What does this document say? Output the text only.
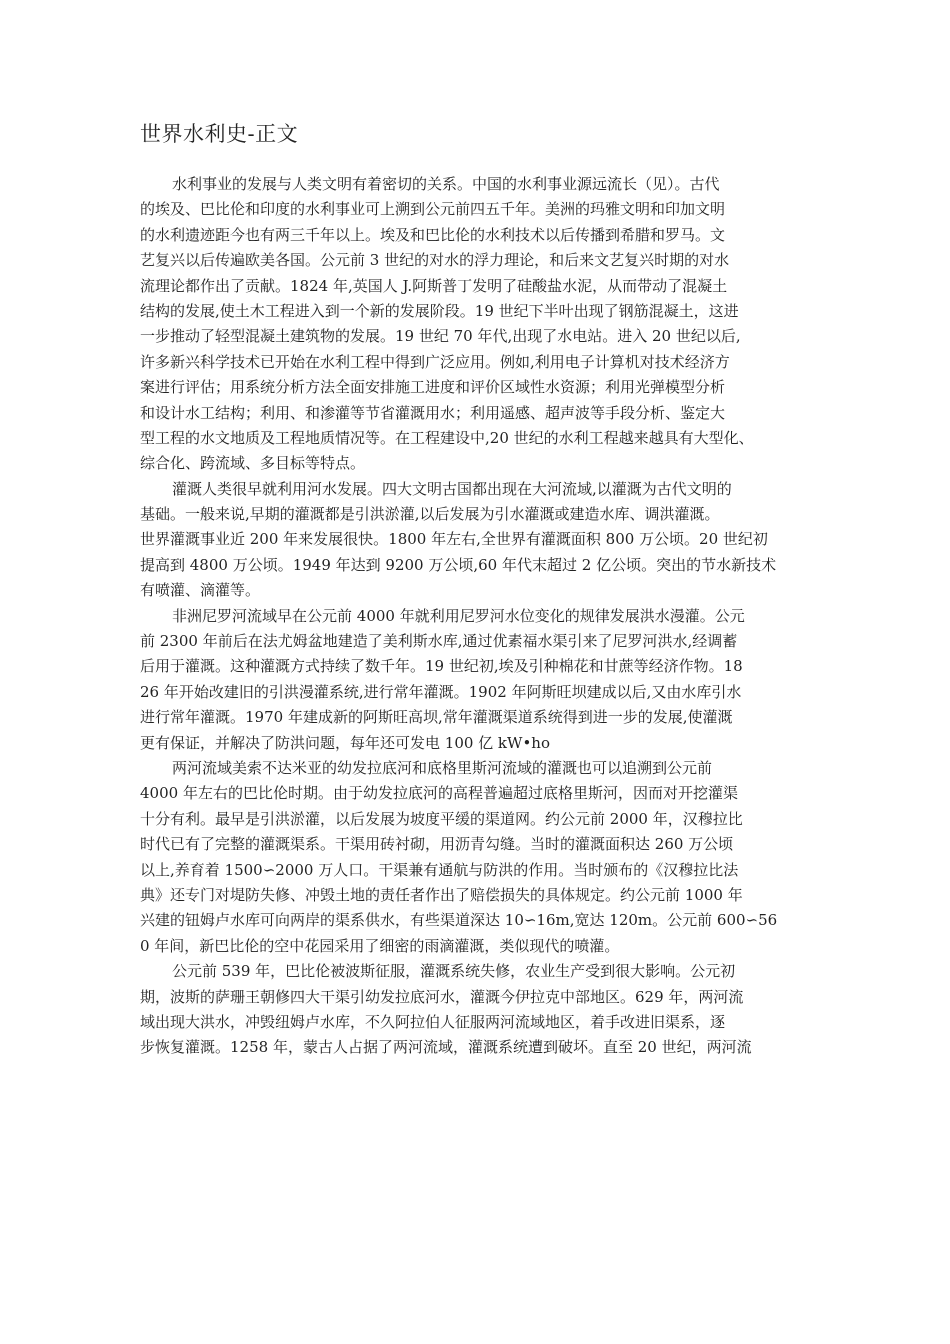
世界水利史-正文
水利事业的发展与人类文明有着密切的关系。中国的水利事业源远流长（见）。古代
的埃及、巴比伦和印度的水利事业可上溯到公元前四五千年。美洲的玛雅文明和印加文明
的水利遗迹距今也有两三千年以上。埃及和巴比伦的水利技术以后传播到希腊和罗马。文
艺复兴以后传遍欧美各国。公元前 3 世纪的对水的浮力理论，和后来文艺复兴时期的对水
流理论都作出了贡献。1824 年,英国人 J.阿斯普丁发明了硅酸盐水泥，从而带动了混凝土
结构的发展,使土木工程进入到一个新的发展阶段。19 世纪下半叶出现了钢筋混凝土，这进
一步推动了轻型混凝土建筑物的发展。19 世纪 70 年代,出现了水电站。进入 20 世纪以后,
许多新兴科学技术已开始在水利工程中得到广泛应用。例如,利用电子计算机对技术经济方
案进行评估；用系统分析方法全面安排施工进度和评价区域性水资源；利用光弹模型分析
和设计水工结构；利用、和渗灌等节省灌溉用水；利用遥感、超声波等手段分析、鉴定大
型工程的水文地质及工程地质情况等。在工程建设中,20 世纪的水利工程越来越具有大型化、
综合化、跨流域、多目标等特点。
灌溉人类很早就利用河水发展。四大文明古国都出现在大河流域,以灌溉为古代文明的
基础。一般来说,早期的灌溉都是引洪淤灌,以后发展为引水灌溉或建造水库、调洪灌溉。
世界灌溉事业近 200 年来发展很快。1800 年左右,全世界有灌溉面积 800 万公顷。20 世纪初
提高到 4800 万公顷。1949 年达到 9200 万公顷,60 年代末超过 2 亿公顷。突出的节水新技术
有喷灌、滴灌等。
非洲尼罗河流域早在公元前 4000 年就利用尼罗河水位变化的规律发展洪水漫灌。公元
前 2300 年前后在法尤姆盆地建造了美利斯水库,通过优素福水渠引来了尼罗河洪水,经调蓄
后用于灌溉。这种灌溉方式持续了数千年。19 世纪初,埃及引种棉花和甘蔗等经济作物。18
26 年开始改建旧的引洪漫灌系统,进行常年灌溉。1902 年阿斯旺坝建成以后,又由水库引水
进行常年灌溉。1970 年建成新的阿斯旺高坝,常年灌溉渠道系统得到进一步的发展,使灌溉
更有保证，并解决了防洪问题，每年还可发电 100 亿 kW•ho
两河流域美索不达米亚的幼发拉底河和底格里斯河流域的灌溉也可以追溯到公元前
4000 年左右的巴比伦时期。由于幼发拉底河的高程普遍超过底格里斯河，因而对开挖灌渠
十分有利。最早是引洪淤灌，以后发展为坡度平缓的渠道网。约公元前 2000 年，汉穆拉比
时代已有了完整的灌溉渠系。干渠用砖衬砌，用沥青勾缝。当时的灌溉面积达 260 万公顷
以上,养育着 1500∽2000 万人口。干渠兼有通航与防洪的作用。当时颁布的《汉穆拉比法
典》还专门对堤防失修、冲毁土地的责任者作出了赔偿损失的具体规定。约公元前 1000 年
兴建的钮姆卢水库可向两岸的渠系供水，有些渠道深达 10∽16m,宽达 120m。公元前 600∽56
0 年间，新巴比伦的空中花园采用了细密的雨滴灌溉，类似现代的喷灌。
公元前 539 年，巴比伦被波斯征服，灌溉系统失修，农业生产受到很大影响。公元初
期，波斯的萨珊王朝修四大干渠引幼发拉底河水，灌溉今伊拉克中部地区。629 年，两河流
域出现大洪水，冲毁纽姆卢水库，不久阿拉伯人征服两河流域地区，着手改进旧渠系，逐
步恢复灌溉。1258 年，蒙古人占据了两河流域，灌溉系统遭到破坏。直至 20 世纪，两河流
